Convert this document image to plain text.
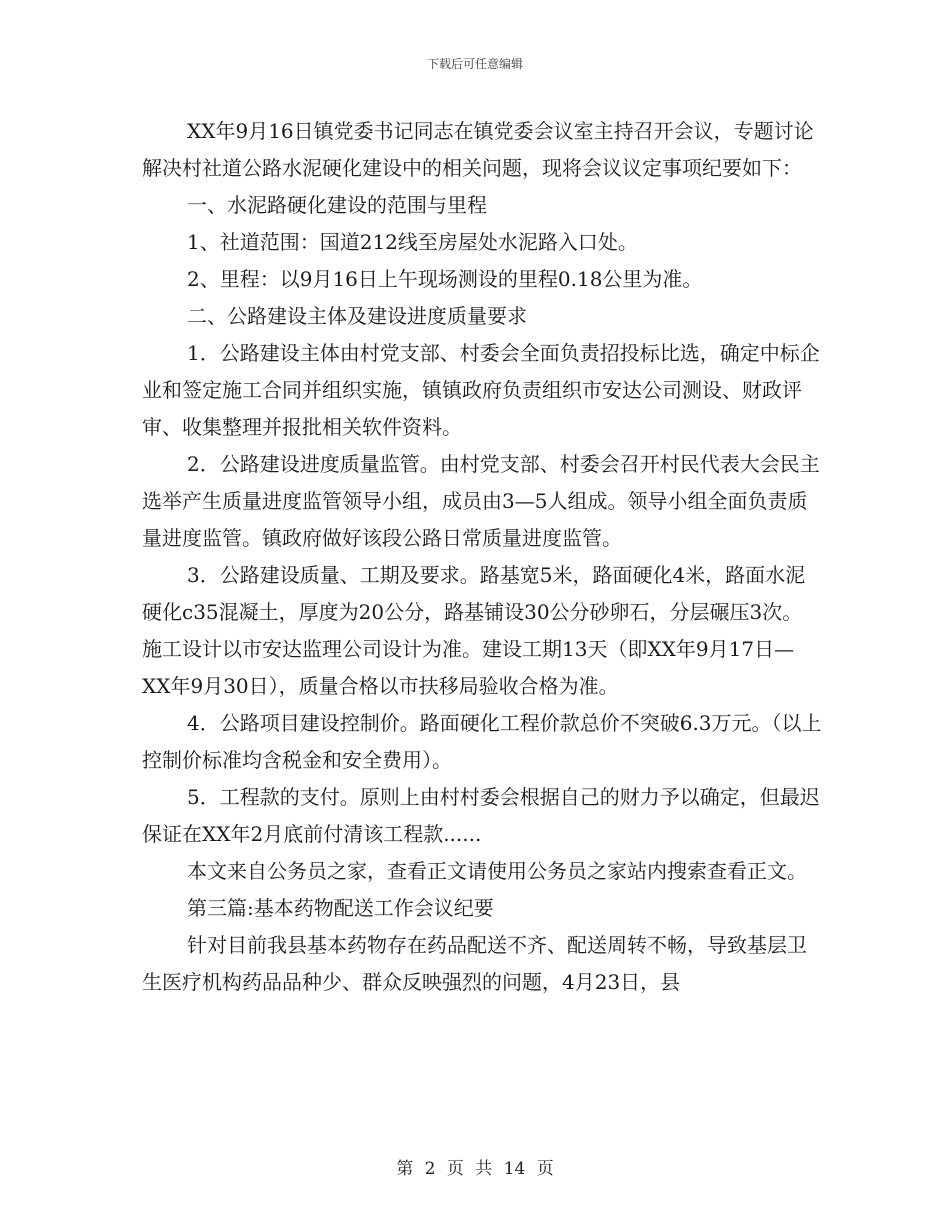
下载后可任意编辑

XX年9月16日镇党委书记同志在镇党委会议室主持召开会议，专题讨论解决村社道公路水泥硬化建设中的相关问题，现将会议议定事项纪要如下：

一、水泥路硬化建设的范围与里程

1、社道范围：国道212线至房屋处水泥路入口处。

2、里程：以9月16日上午现场测设的里程0.18公里为准。

二、公路建设主体及建设进度质量要求

1．公路建设主体由村党支部、村委会全面负责招投标比选，确定中标企业和签定施工合同并组织实施，镇镇政府负责组织市安达公司测设、财政评审、收集整理并报批相关软件资料。

2．公路建设进度质量监管。由村党支部、村委会召开村民代表大会民主选举产生质量进度监管领导小组，成员由3—5人组成。领导小组全面负责质量进度监管。镇政府做好该段公路日常质量进度监管。

3．公路建设质量、工期及要求。路基宽5米，路面硬化4米，路面水泥硬化c35混凝土，厚度为20公分，路基铺设30公分砂卵石，分层碾压3次。施工设计以市安达监理公司设计为准。建设工期13天（即XX年9月17日—XX年9月30日），质量合格以市扶移局验收合格为准。

4．公路项目建设控制价。路面硬化工程价款总价不突破6.3万元。（以上控制价标准均含税金和安全费用）。

5．工程款的支付。原则上由村村委会根据自己的财力予以确定，但最迟保证在XX年2月底前付清该工程款......

本文来自公务员之家，查看正文请使用公务员之家站内搜索查看正文。

第三篇:基本药物配送工作会议纪要

针对目前我县基本药物存在药品配送不齐、配送周转不畅，导致基层卫生医疗机构药品品种少、群众反映强烈的问题，4月23日，县

第 2 页 共 14 页
